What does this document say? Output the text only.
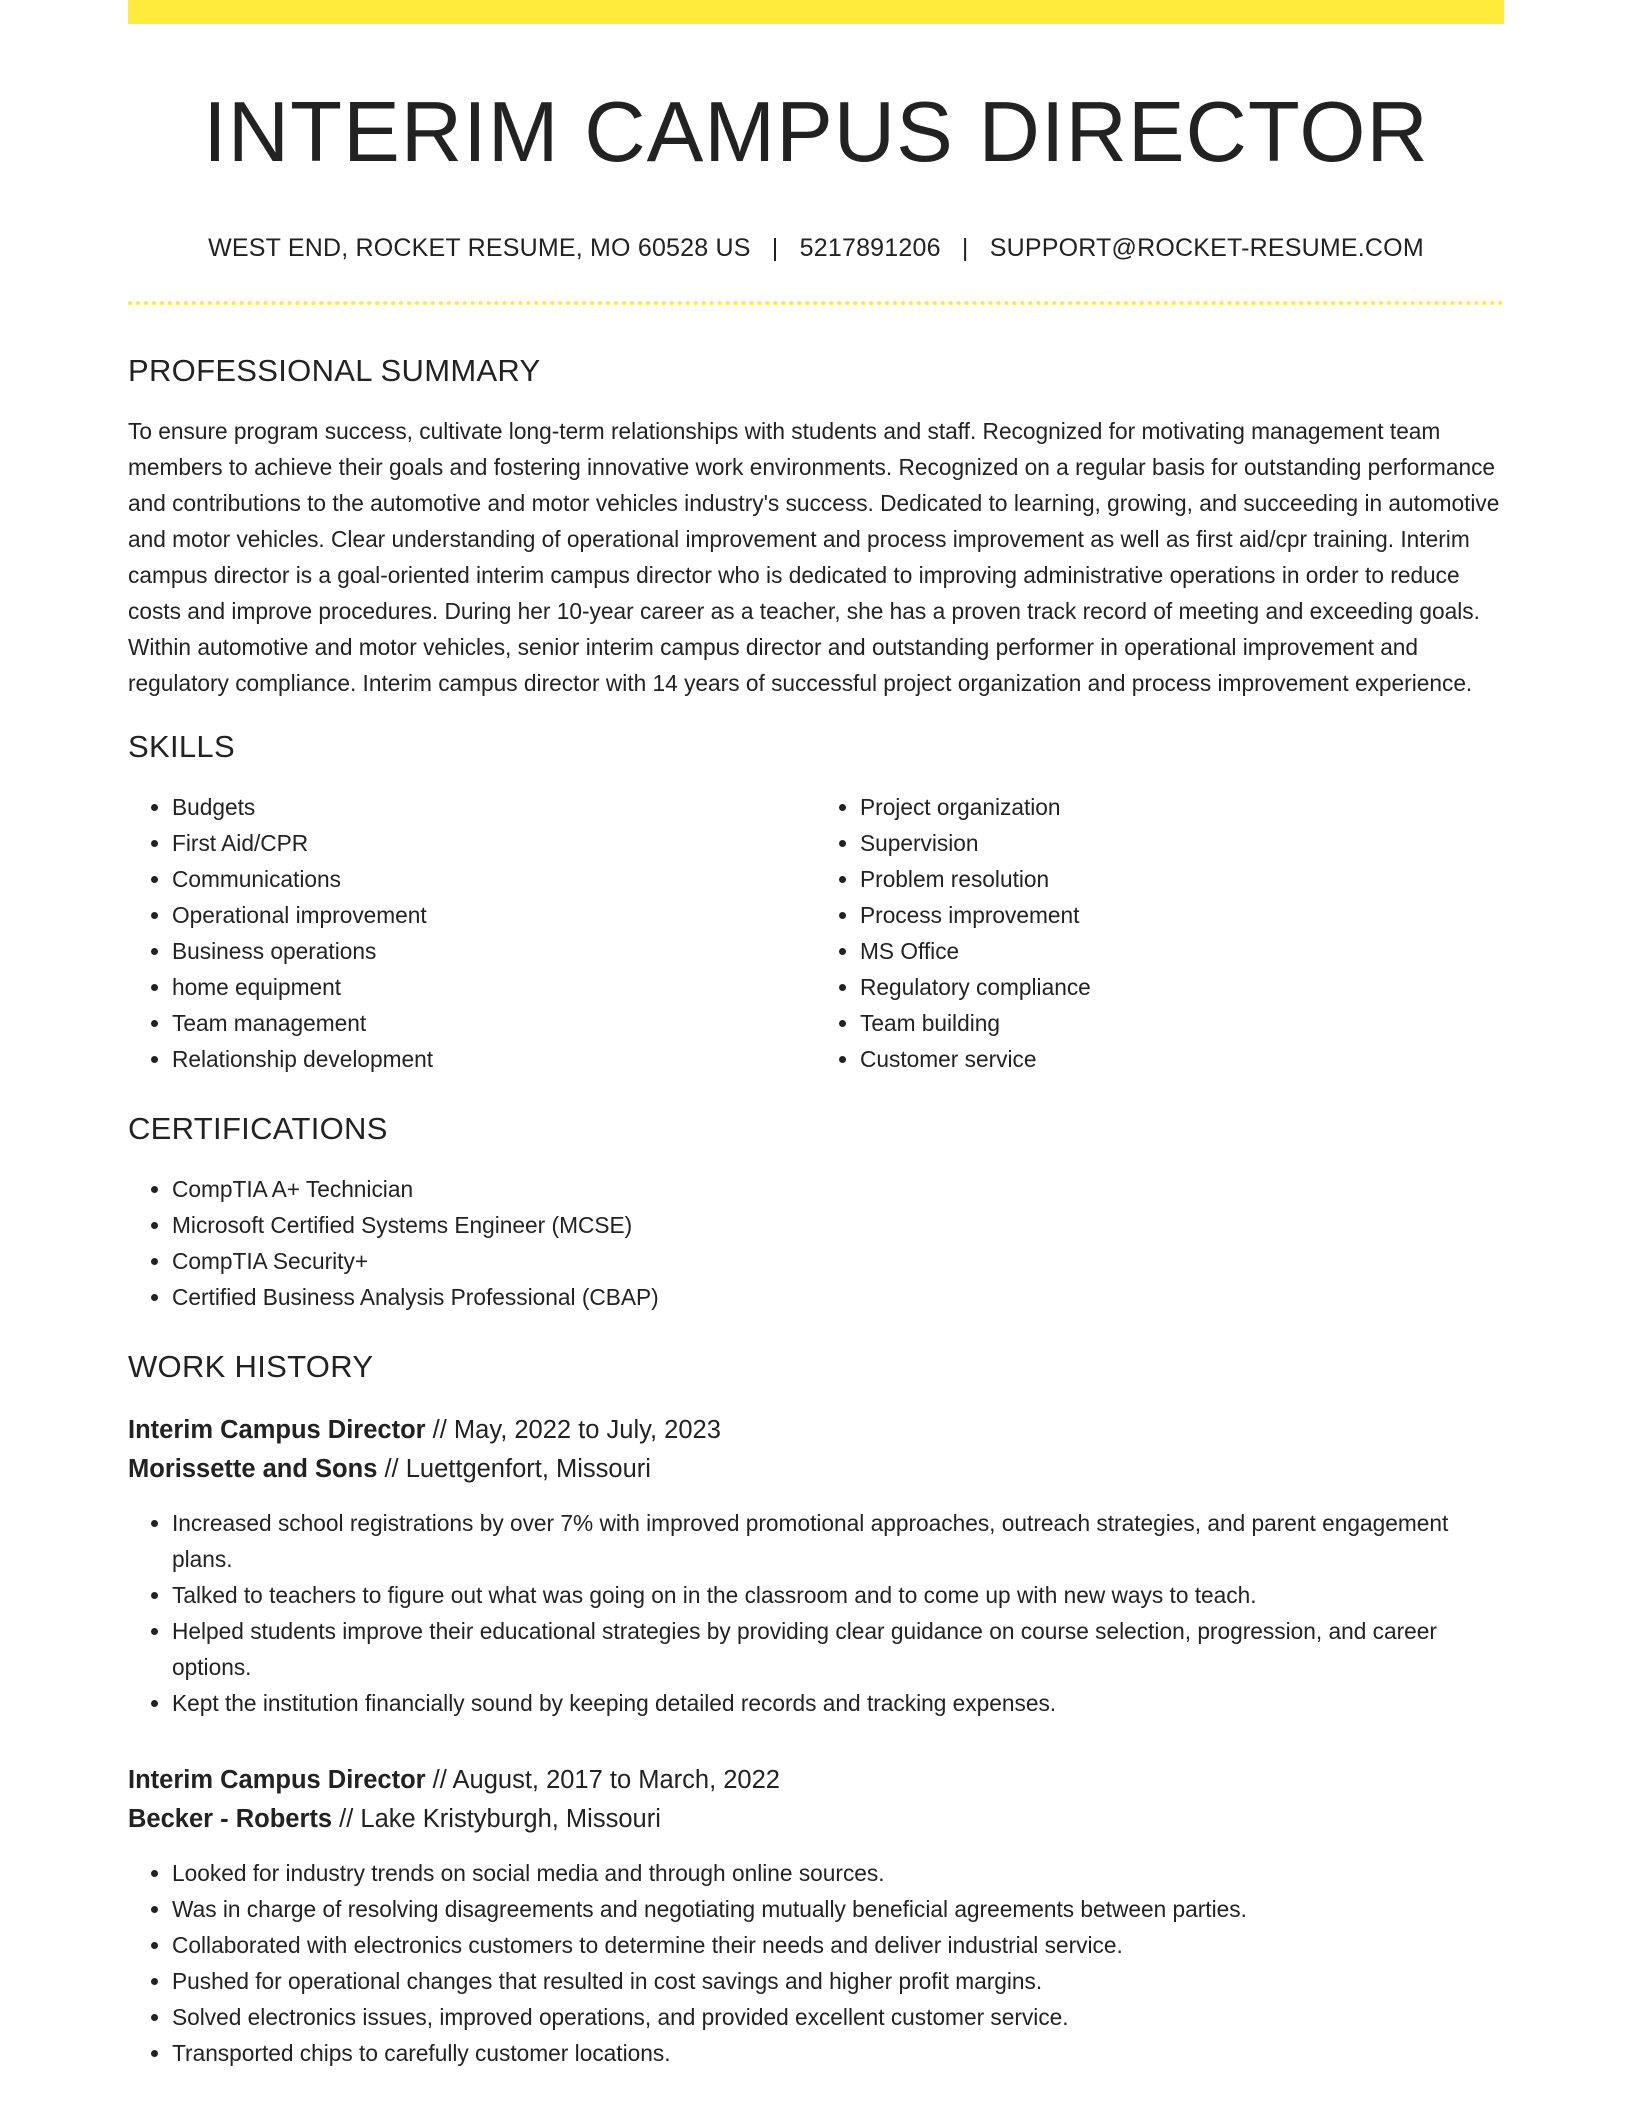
INTERIM CAMPUS DIRECTOR
WEST END, ROCKET RESUME, MO 60528 US | 5217891206 | SUPPORT@ROCKET-RESUME.COM
PROFESSIONAL SUMMARY
To ensure program success, cultivate long-term relationships with students and staff. Recognized for motivating management team members to achieve their goals and fostering innovative work environments. Recognized on a regular basis for outstanding performance and contributions to the automotive and motor vehicles industry's success. Dedicated to learning, growing, and succeeding in automotive and motor vehicles. Clear understanding of operational improvement and process improvement as well as first aid/cpr training. Interim campus director is a goal-oriented interim campus director who is dedicated to improving administrative operations in order to reduce costs and improve procedures. During her 10-year career as a teacher, she has a proven track record of meeting and exceeding goals. Within automotive and motor vehicles, senior interim campus director and outstanding performer in operational improvement and regulatory compliance. Interim campus director with 14 years of successful project organization and process improvement experience.
SKILLS
• Budgets
• First Aid/CPR
• Communications
• Operational improvement
• Business operations
• home equipment
• Team management
• Relationship development
• Project organization
• Supervision
• Problem resolution
• Process improvement
• MS Office
• Regulatory compliance
• Team building
• Customer service
CERTIFICATIONS
• CompTIA A+ Technician
• Microsoft Certified Systems Engineer (MCSE)
• CompTIA Security+
• Certified Business Analysis Professional (CBAP)
WORK HISTORY
Interim Campus Director // May, 2022 to July, 2023
Morissette and Sons // Luettgenfort, Missouri
• Increased school registrations by over 7% with improved promotional approaches, outreach strategies, and parent engagement plans.
• Talked to teachers to figure out what was going on in the classroom and to come up with new ways to teach.
• Helped students improve their educational strategies by providing clear guidance on course selection, progression, and career options.
• Kept the institution financially sound by keeping detailed records and tracking expenses.
Interim Campus Director // August, 2017 to March, 2022
Becker - Roberts // Lake Kristyburgh, Missouri
• Looked for industry trends on social media and through online sources.
• Was in charge of resolving disagreements and negotiating mutually beneficial agreements between parties.
• Collaborated with electronics customers to determine their needs and deliver industrial service.
• Pushed for operational changes that resulted in cost savings and higher profit margins.
• Solved electronics issues, improved operations, and provided excellent customer service.
• Transported chips to carefully customer locations.
